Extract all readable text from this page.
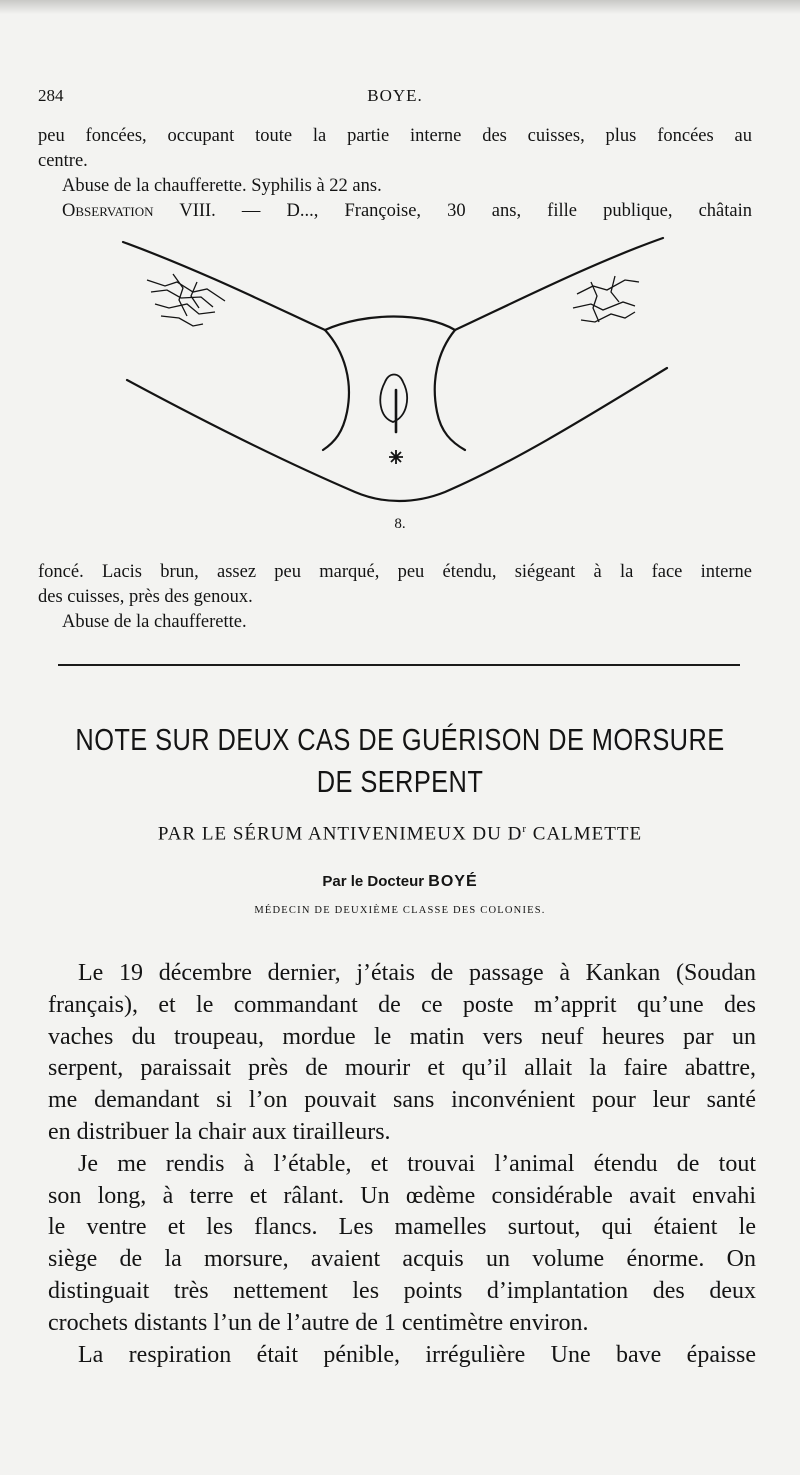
284	BOYE.
peu foncées, occupant toute la partie interne des cuisses, plus foncées au
centre.
Abuse de la chaufferette. Syphilis à 22 ans.
Observation VIII. — D..., Françoise, 30 ans, fille publique, châtain
8.
foncé. Lacis brun, assez peu marqué, peu étendu, siégeant à la face interne
des cuisses, près des genoux.
Abuse de la chaufferette.
NOTE SUR DEUX CAS DE GUÉRISON DE MORSURE
DE SERPENT
PAR LE SÉRUM ANTIVENIMEUX DU $D^r$ CALMETTE
Par le Docteur BOYÉ
MÉDECIN DE DEUXIÈME CLASSE DES COLONIES.
Le 19 décembre dernier, j’étais de passage à Kankan (Soudan
français), et le commandant de ce poste m’apprit qu’une des
vaches du troupeau, mordue le matin vers neuf heures par un
serpent, paraissait près de mourir et qu’il allait la faire abattre,
me demandant si l’on pouvait sans inconvénient pour leur santé
en distribuer la chair aux tirailleurs.
Je me rendis à l’étable, et trouvai l’animal étendu de tout
son long, à terre et râlant. Un œdème considérable avait envahi
le ventre et les flancs. Les mamelles surtout, qui étaient le
siège de la morsure, avaient acquis un volume énorme. On
distinguait très nettement les points d’implantation des deux
crochets distants l’un de l’autre de 1 centimètre environ.
La respiration était pénible, irrégulière Une bave épaisse
